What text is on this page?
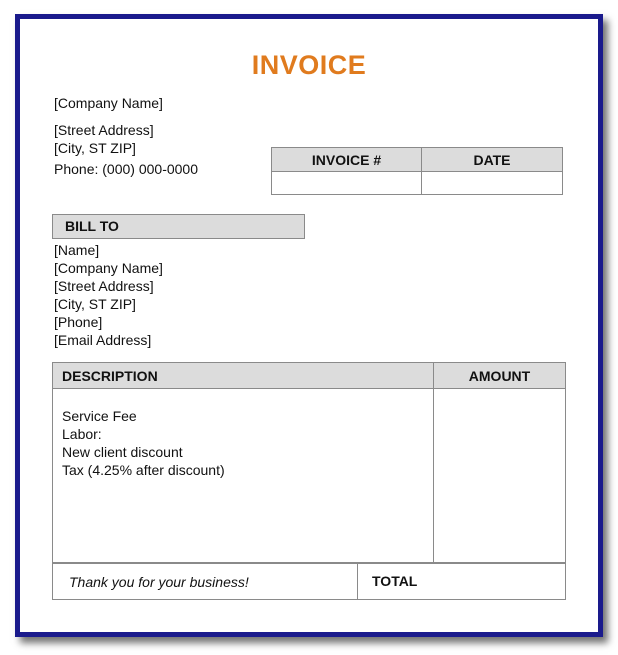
INVOICE
[Company Name]
[Street Address]
[City, ST ZIP]
Phone: (000) 000-0000
INVOICE #	DATE

BILL TO
[Name]
[Company Name]
[Street Address]
[City, ST ZIP]
[Phone]
[Email Address]
DESCRIPTION	AMOUNT

Service Fee
Labor:
New client discount
Tax (4.25% after discount)	

Thank you for your business!	TOTAL
